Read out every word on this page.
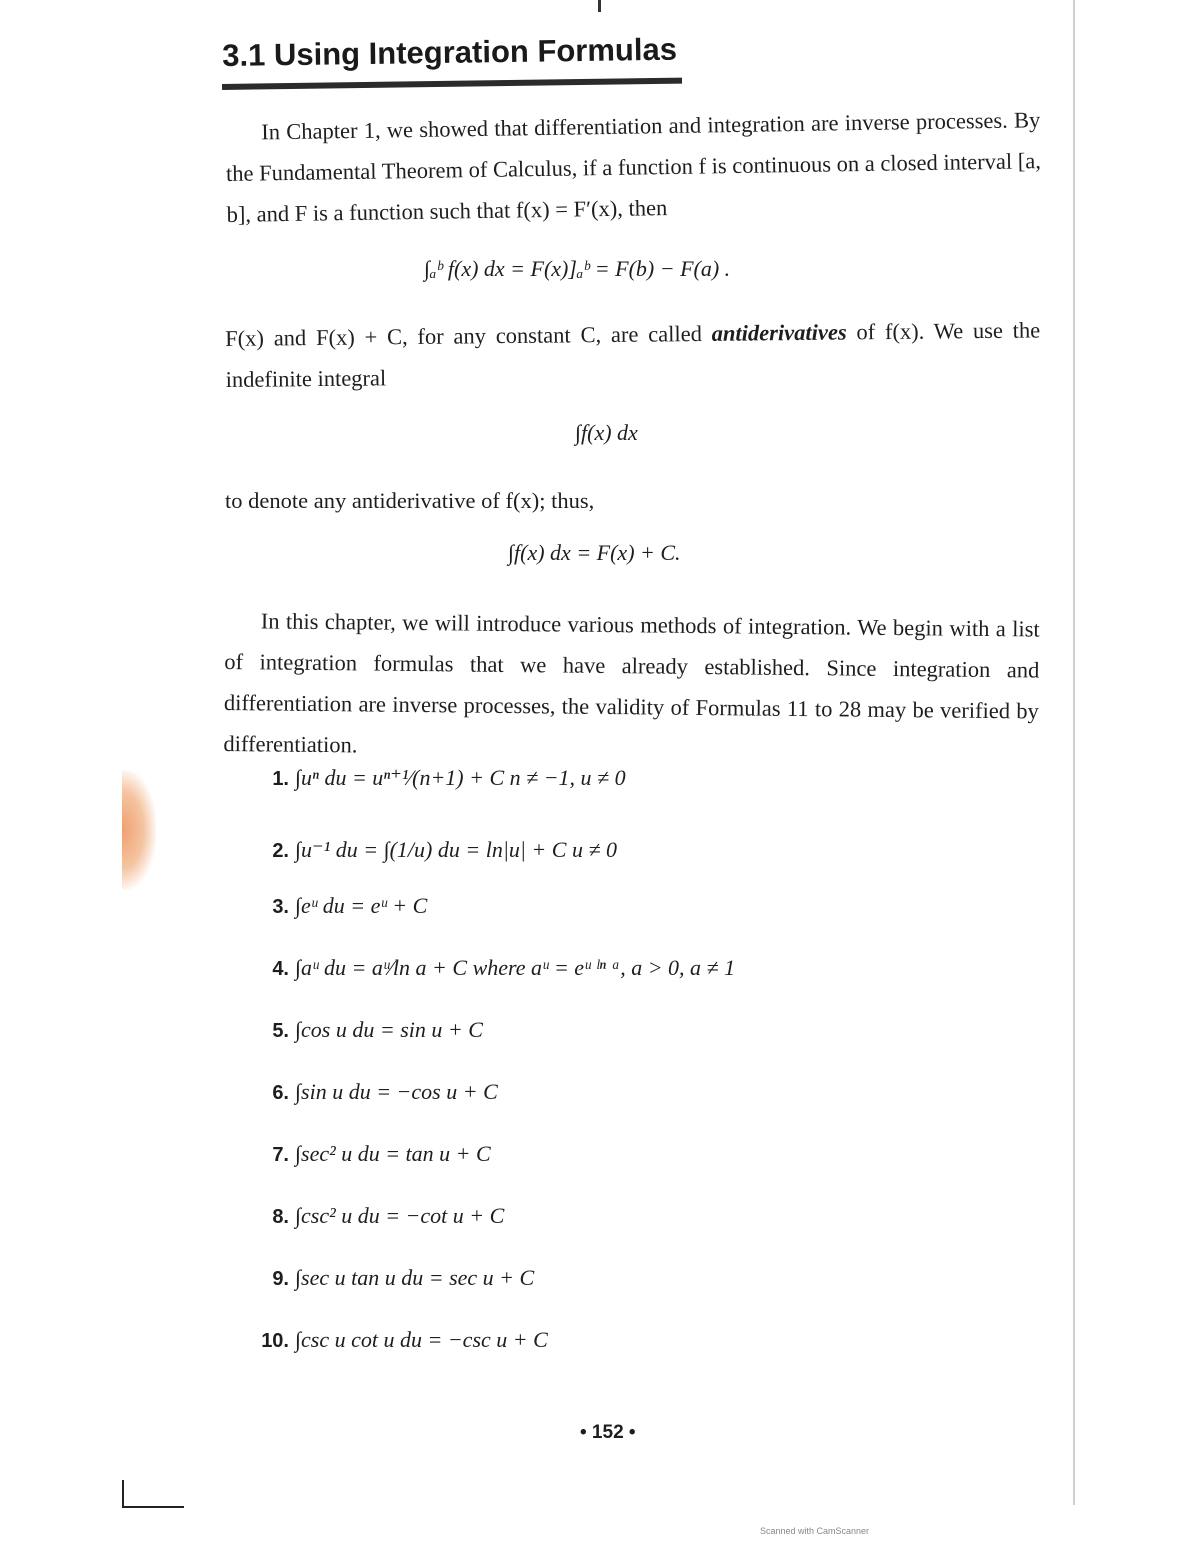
3.1 Using Integration Formulas
In Chapter 1, we showed that differentiation and integration are inverse processes. By the Fundamental Theorem of Calculus, if a function f is continuous on a closed interval [a, b], and F is a function such that f(x) = F′(x), then
∫ₐᵇ f(x) dx = F(x)]ₐᵇ = F(b) − F(a) .
F(x) and F(x) + C, for any constant C, are called antiderivatives of f(x). We use the indefinite integral
∫f(x) dx
to denote any antiderivative of f(x); thus,
∫f(x) dx = F(x) + C.
In this chapter, we will introduce various methods of integration. We begin with a list of integration formulas that we have already established. Since integration and differentiation are inverse processes, the validity of Formulas 11 to 28 may be verified by differentiation.
1. ∫uⁿ du = uⁿ⁺¹⁄(n+1) + C n ≠ −1, u ≠ 0
2. ∫u⁻¹ du = ∫(1/u) du = ln|u| + C u ≠ 0
3. ∫eᵘ du = eᵘ + C
4. ∫aᵘ du = aᵘ⁄ln a + C where aᵘ = eᵘ ˡⁿ ᵃ, a > 0, a ≠ 1
5. ∫cos u du = sin u + C
6. ∫sin u du = −cos u + C
7. ∫sec² u du = tan u + C
8. ∫csc² u du = −cot u + C
9. ∫sec u tan u du = sec u + C
10. ∫csc u cot u du = −csc u + C
• 152 •
Scanned with CamScanner
